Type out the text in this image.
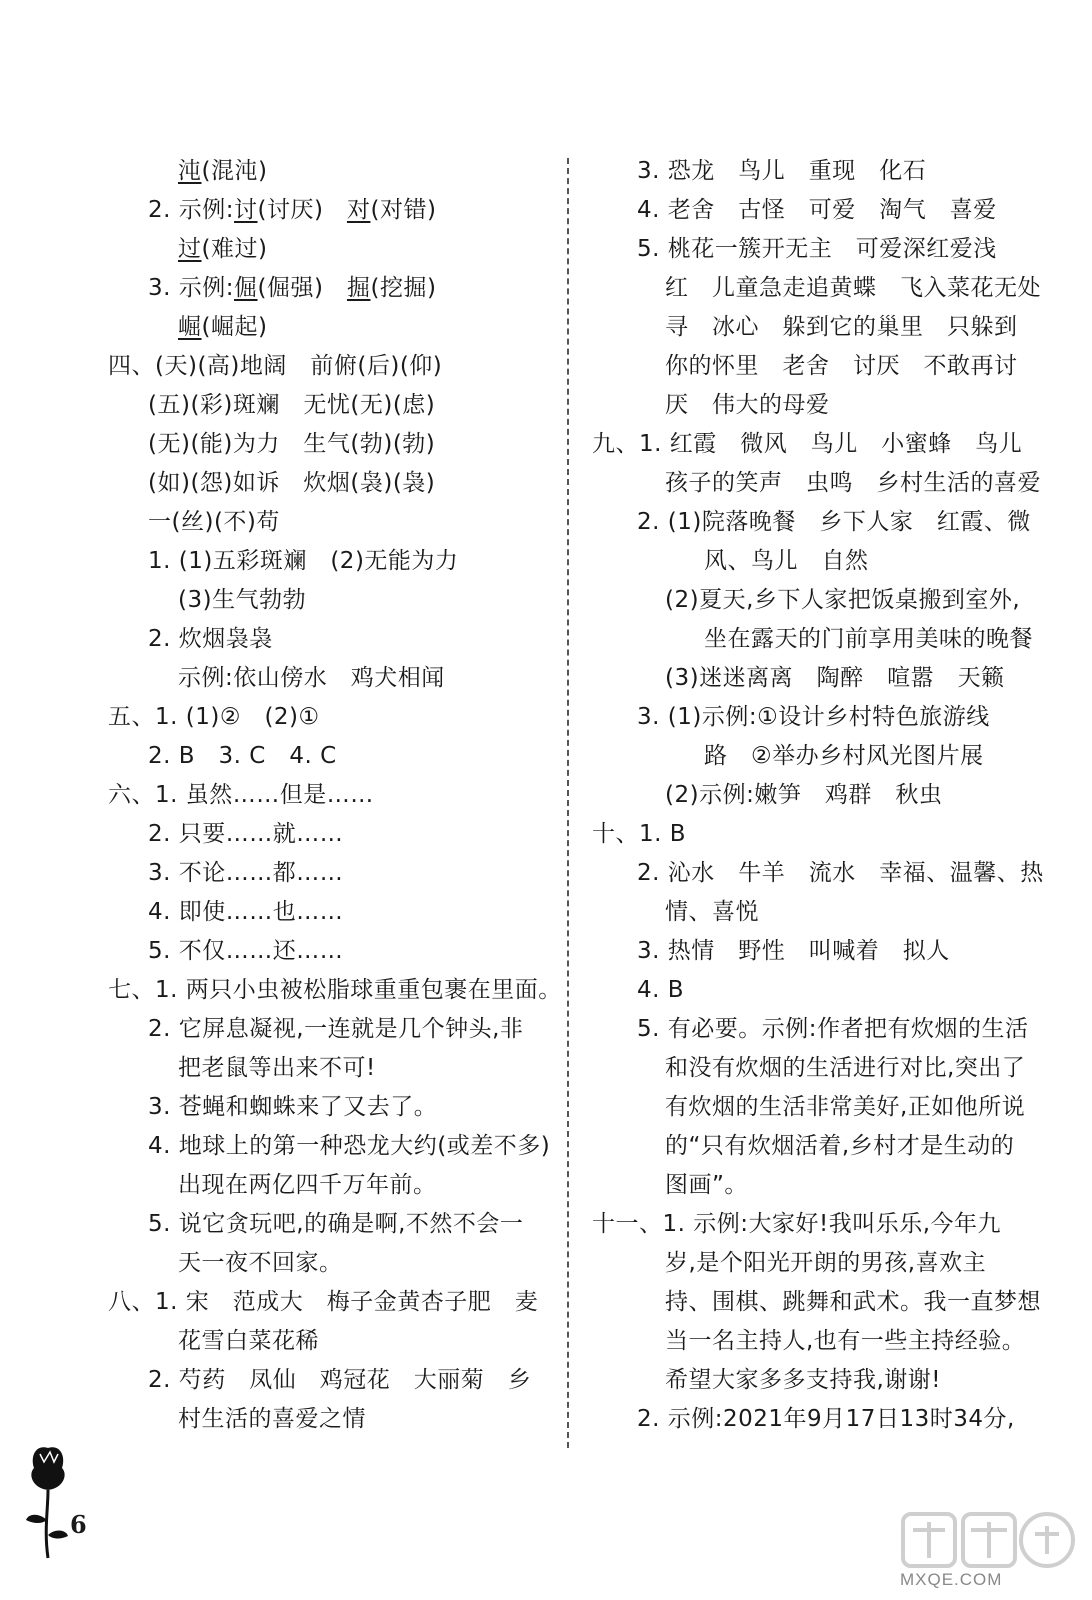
沌(混沌)
2. 示例:讨(讨厌)　对(对错)
过(难过)
3. 示例:倔(倔强)　掘(挖掘)
崛(崛起)
四、(天)(高)地阔　前俯(后)(仰)
(五)(彩)斑斓　无忧(无)(虑)
(无)(能)为力　生气(勃)(勃)
(如)(怨)如诉　炊烟(袅)(袅)
一(丝)(不)苟
1. (1)五彩斑斓　(2)无能为力
(3)生气勃勃
2. 炊烟袅袅
示例:依山傍水　鸡犬相闻
五、1. (1)②　(2)①
2. B　3. C　4. C
六、1. 虽然……但是……
2. 只要……就……
3. 不论……都……
4. 即使……也……
5. 不仅……还……
七、1. 两只小虫被松脂球重重包裹在里面。
2. 它屏息凝视,一连就是几个钟头,非
把老鼠等出来不可!
3. 苍蝇和蜘蛛来了又去了。
4. 地球上的第一种恐龙大约(或差不多)
出现在两亿四千万年前。
5. 说它贪玩吧,的确是啊,不然不会一
天一夜不回家。
八、1. 宋　范成大　梅子金黄杏子肥　麦
花雪白菜花稀
2. 芍药　凤仙　鸡冠花　大丽菊　乡
村生活的喜爱之情
3. 恐龙　鸟儿　重现　化石
4. 老舍　古怪　可爱　淘气　喜爱
5. 桃花一簇开无主　可爱深红爱浅
红　儿童急走追黄蝶　飞入菜花无处
寻　冰心　躲到它的巢里　只躲到
你的怀里　老舍　讨厌　不敢再讨
厌　伟大的母爱
九、1. 红霞　微风　鸟儿　小蜜蜂　鸟儿
孩子的笑声　虫鸣　乡村生活的喜爱
2. (1)院落晚餐　乡下人家　红霞、微
风、鸟儿　自然
(2)夏天,乡下人家把饭桌搬到室外,
坐在露天的门前享用美味的晚餐
(3)迷迷离离　陶醉　喧嚣　天籁
3. (1)示例:①设计乡村特色旅游线
路　②举办乡村风光图片展
(2)示例:嫩笋　鸡群　秋虫
十、1. B
2. 沁水　牛羊　流水　幸福、温馨、热
情、喜悦
3. 热情　野性　叫喊着　拟人
4. B
5. 有必要。示例:作者把有炊烟的生活
和没有炊烟的生活进行对比,突出了
有炊烟的生活非常美好,正如他所说
的“只有炊烟活着,乡村才是生动的
图画”。
十一、1. 示例:大家好!我叫乐乐,今年九
岁,是个阳光开朗的男孩,喜欢主
持、围棋、跳舞和武术。我一直梦想
当一名主持人,也有一些主持经验。
希望大家多多支持我,谢谢!
2. 示例:2021年9月17日13时34分,
6
MXQE.COM
